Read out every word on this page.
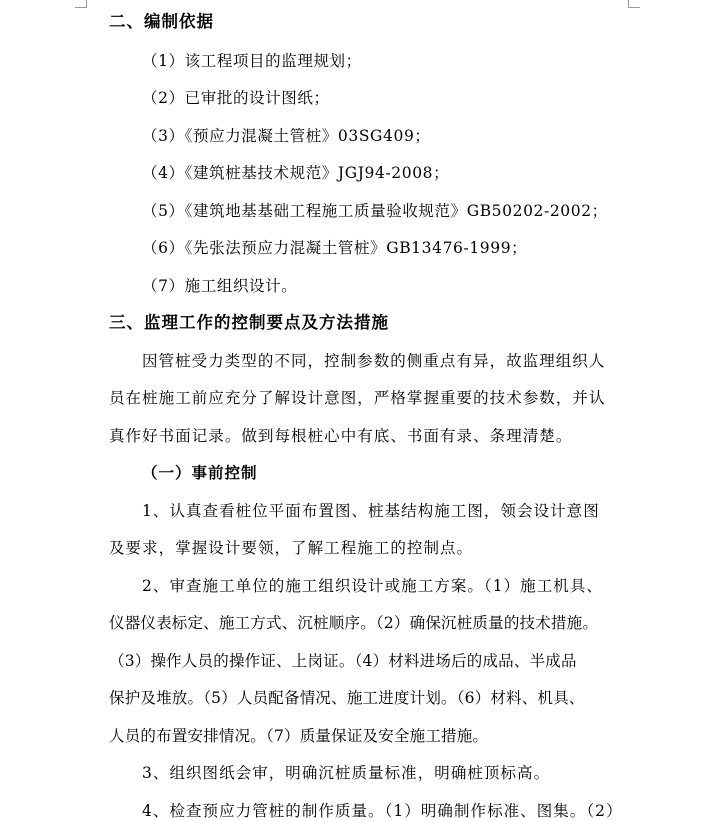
二、编制依据
（1）该工程项目的监理规划；
（2）已审批的设计图纸；
（3）《预应力混凝土管桩》03SG409；
（4）《建筑桩基技术规范》JGJ94-2008；
（5）《建筑地基基础工程施工质量验收规范》GB50202-2002；
（6）《先张法预应力混凝土管桩》GB13476-1999；
（7）施工组织设计。
三、监理工作的控制要点及方法措施
因管桩受力类型的不同，控制参数的侧重点有异，故监理组织人
员在桩施工前应充分了解设计意图，严格掌握重要的技术参数，并认
真作好书面记录。做到每根桩心中有底、书面有录、条理清楚。
（一）事前控制
1、认真查看桩位平面布置图、桩基结构施工图，领会设计意图
及要求，掌握设计要领，了解工程施工的控制点。
2、审查施工单位的施工组织设计或施工方案。（1）施工机具、
仪器仪表标定、施工方式、沉桩顺序。（2）确保沉桩质量的技术措施。
（3）操作人员的操作证、上岗证。（4）材料进场后的成品、半成品
保护及堆放。（5）人员配备情况、施工进度计划。（6）材料、机具、
人员的布置安排情况。（7）质量保证及安全施工措施。
3、组织图纸会审，明确沉桩质量标准，明确桩顶标高。
4、检查预应力管桩的制作质量。（1）明确制作标准、图集。（2）
